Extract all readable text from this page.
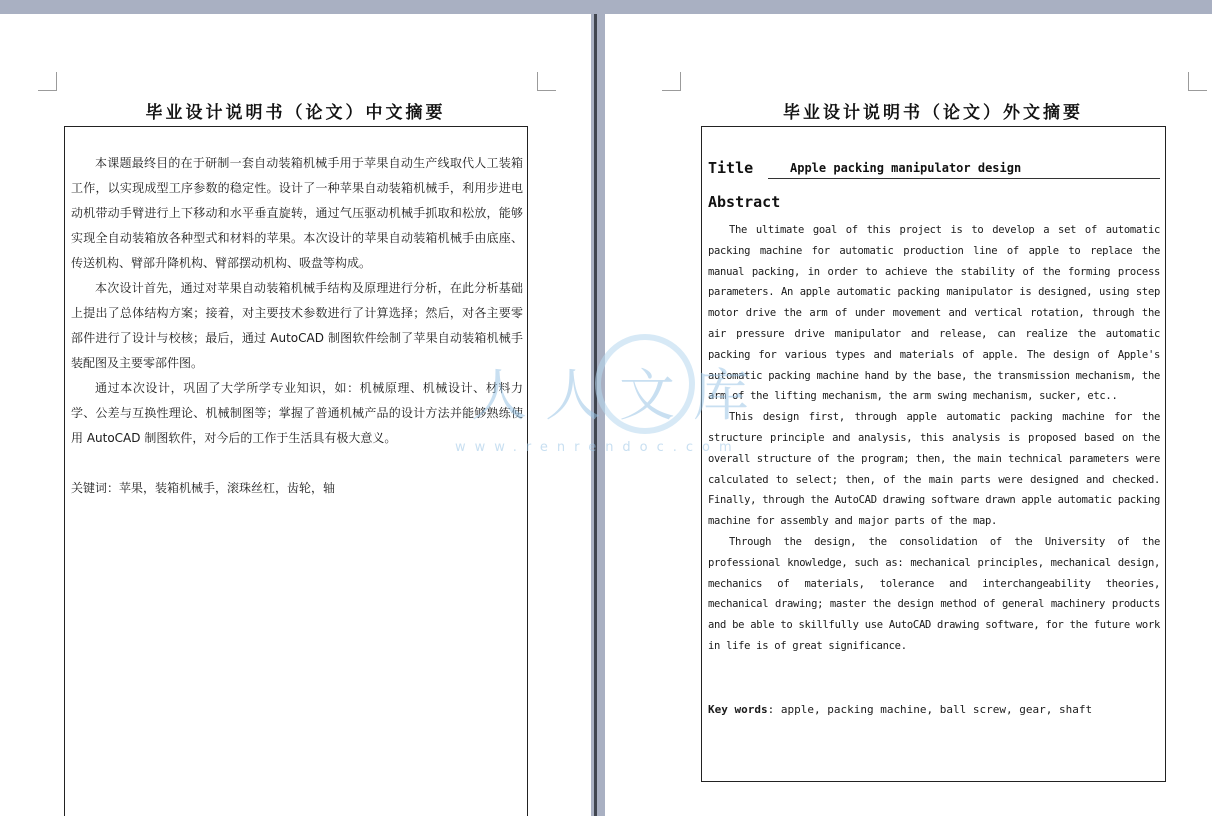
毕业设计说明书（论文）中文摘要

本课题最终目的在于研制一套自动装箱机械手用于苹果自动生产线取代人工装箱工作，以实现成型工序参数的稳定性。设计了一种苹果自动装箱机械手，利用步进电动机带动手臂进行上下移动和水平垂直旋转，通过气压驱动机械手抓取和松放，能够实现全自动装箱放各种型式和材料的苹果。本次设计的苹果自动装箱机械手由底座、传送机构、臂部升降机构、臂部摆动机构、吸盘等构成。

本次设计首先，通过对苹果自动装箱机械手结构及原理进行分析，在此分析基础上提出了总体结构方案；接着，对主要技术参数进行了计算选择；然后，对各主要零部件进行了设计与校核；最后，通过 AutoCAD 制图软件绘制了苹果自动装箱机械手装配图及主要零部件图。

通过本次设计，巩固了大学所学专业知识，如：机械原理、机械设计、材料力学、公差与互换性理论、机械制图等；掌握了普通机械产品的设计方法并能够熟练使用 AutoCAD 制图软件，对今后的工作于生活具有极大意义。

关键词：苹果，装箱机械手，滚珠丝杠，齿轮，轴
毕业设计说明书（论文）外文摘要
Title	Apple packing manipulator design
Abstract

The ultimate goal of this project is to develop a set of automatic packing machine for automatic production line of apple to replace the manual packing, in order to achieve the stability of the forming process parameters. An apple automatic packing manipulator is designed, using step motor drive the arm of under movement and vertical rotation, through the air pressure drive manipulator and release, can realize the automatic packing for various types and materials of apple. The design of Apple's automatic packing machine hand by the base, the transmission mechanism, the arm of the lifting mechanism, the arm swing mechanism, sucker, etc..

This design first, through apple automatic packing machine for the structure principle and analysis, this analysis is proposed based on the overall structure of the program; then, the main technical parameters were calculated to select; then, of the main parts were designed and checked. Finally, through the AutoCAD drawing software drawn apple automatic packing machine for assembly and major parts of the map.

Through the design, the consolidation of the University of the professional knowledge, such as: mechanical principles, mechanical design, mechanics of materials, tolerance and interchangeability theories, mechanical drawing; master the design method of general machinery products and be able to skillfully use AutoCAD drawing software, for the future work in life is of great significance.

Key words: apple, packing machine, ball screw, gear, shaft
人人文库
www.renrendoc.com
